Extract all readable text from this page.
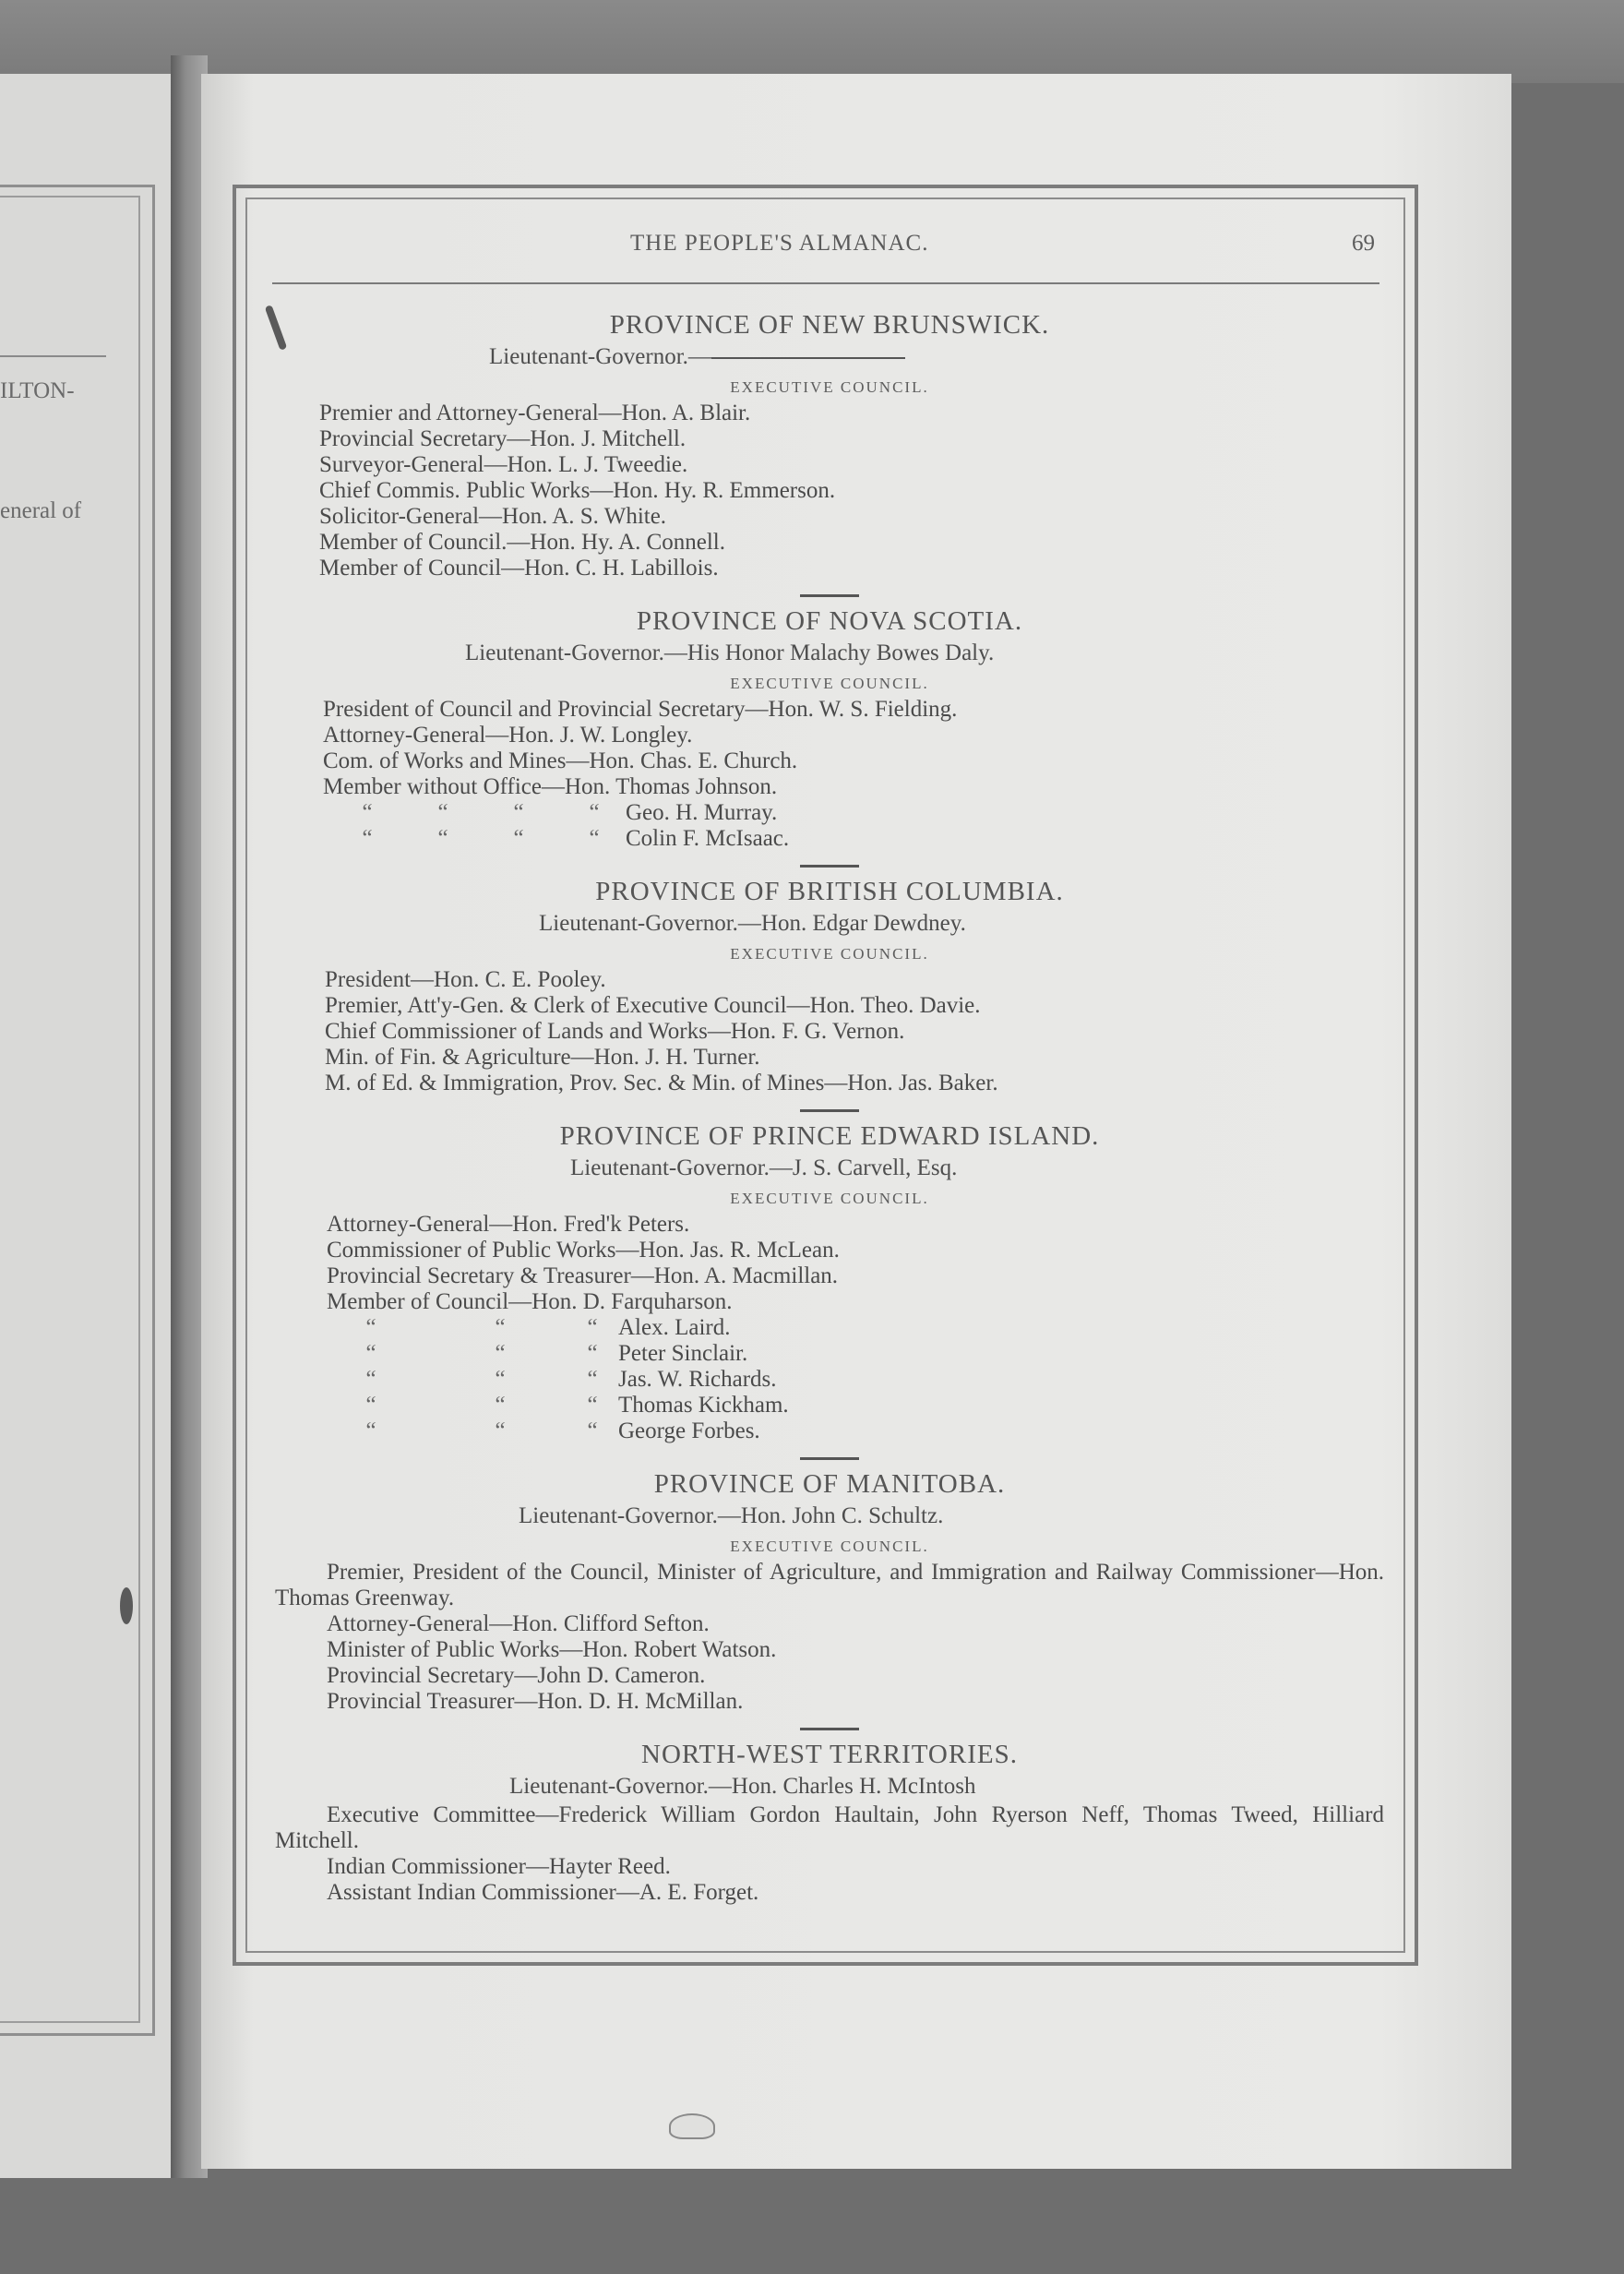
ILTON-
eneral of
THE PEOPLE'S ALMANAC.	69
PROVINCE OF NEW BRUNSWICK.
Lieutenant-Governor.—
EXECUTIVE COUNCIL.
Premier and Attorney-General—Hon. A. Blair.
Provincial Secretary—Hon. J. Mitchell.
Surveyor-General—Hon. L. J. Tweedie.
Chief Commis. Public Works—Hon. Hy. R. Emmerson.
Solicitor-General—Hon. A. S. White.
Member of Council.—Hon. Hy. A. Connell.
Member of Council—Hon. C. H. Labillois.
PROVINCE OF NOVA SCOTIA.
Lieutenant-Governor.—His Honor Malachy Bowes Daly.
EXECUTIVE COUNCIL.
President of Council and Provincial Secretary—Hon. W. S. Fielding.
Attorney-General—Hon. J. W. Longley.
Com. of Works and Mines—Hon. Chas. E. Church.
Member without Office—Hon. Thomas Johnson.
“	“	“	“ Geo. H. Murray.
“	“	“	“ Colin F. McIsaac.
PROVINCE OF BRITISH COLUMBIA.
Lieutenant-Governor.—Hon. Edgar Dewdney.
EXECUTIVE COUNCIL.
President—Hon. C. E. Pooley.
Premier, Att'y-Gen. & Clerk of Executive Council—Hon. Theo. Davie.
Chief Commissioner of Lands and Works—Hon. F. G. Vernon.
Min. of Fin. & Agriculture—Hon. J. H. Turner.
M. of Ed. & Immigration, Prov. Sec. & Min. of Mines—Hon. Jas. Baker.
PROVINCE OF PRINCE EDWARD ISLAND.
Lieutenant-Governor.—J. S. Carvell, Esq.
EXECUTIVE COUNCIL.
Attorney-General—Hon. Fred'k Peters.
Commissioner of Public Works—Hon. Jas. R. McLean.
Provincial Secretary & Treasurer—Hon. A. Macmillan.
Member of Council—Hon. D. Farquharson.
“	“	“ Alex. Laird.
“	“	“ Peter Sinclair.
“	“	“ Jas. W. Richards.
“	“	“ Thomas Kickham.
“	“	“ George Forbes.
PROVINCE OF MANITOBA.
Lieutenant-Governor.—Hon. John C. Schultz.
EXECUTIVE COUNCIL.
Premier, President of the Council, Minister of Agriculture, and Immigration and Railway Commissioner—Hon. Thomas Greenway.
Attorney-General—Hon. Clifford Sefton.
Minister of Public Works—Hon. Robert Watson.
Provincial Secretary—John D. Cameron.
Provincial Treasurer—Hon. D. H. McMillan.
NORTH-WEST TERRITORIES.
Lieutenant-Governor.—Hon. Charles H. McIntosh
Executive Committee—Frederick William Gordon Haultain, John Ryerson Neff, Thomas Tweed, Hilliard Mitchell.
Indian Commissioner—Hayter Reed.
Assistant Indian Commissioner—A. E. Forget.
